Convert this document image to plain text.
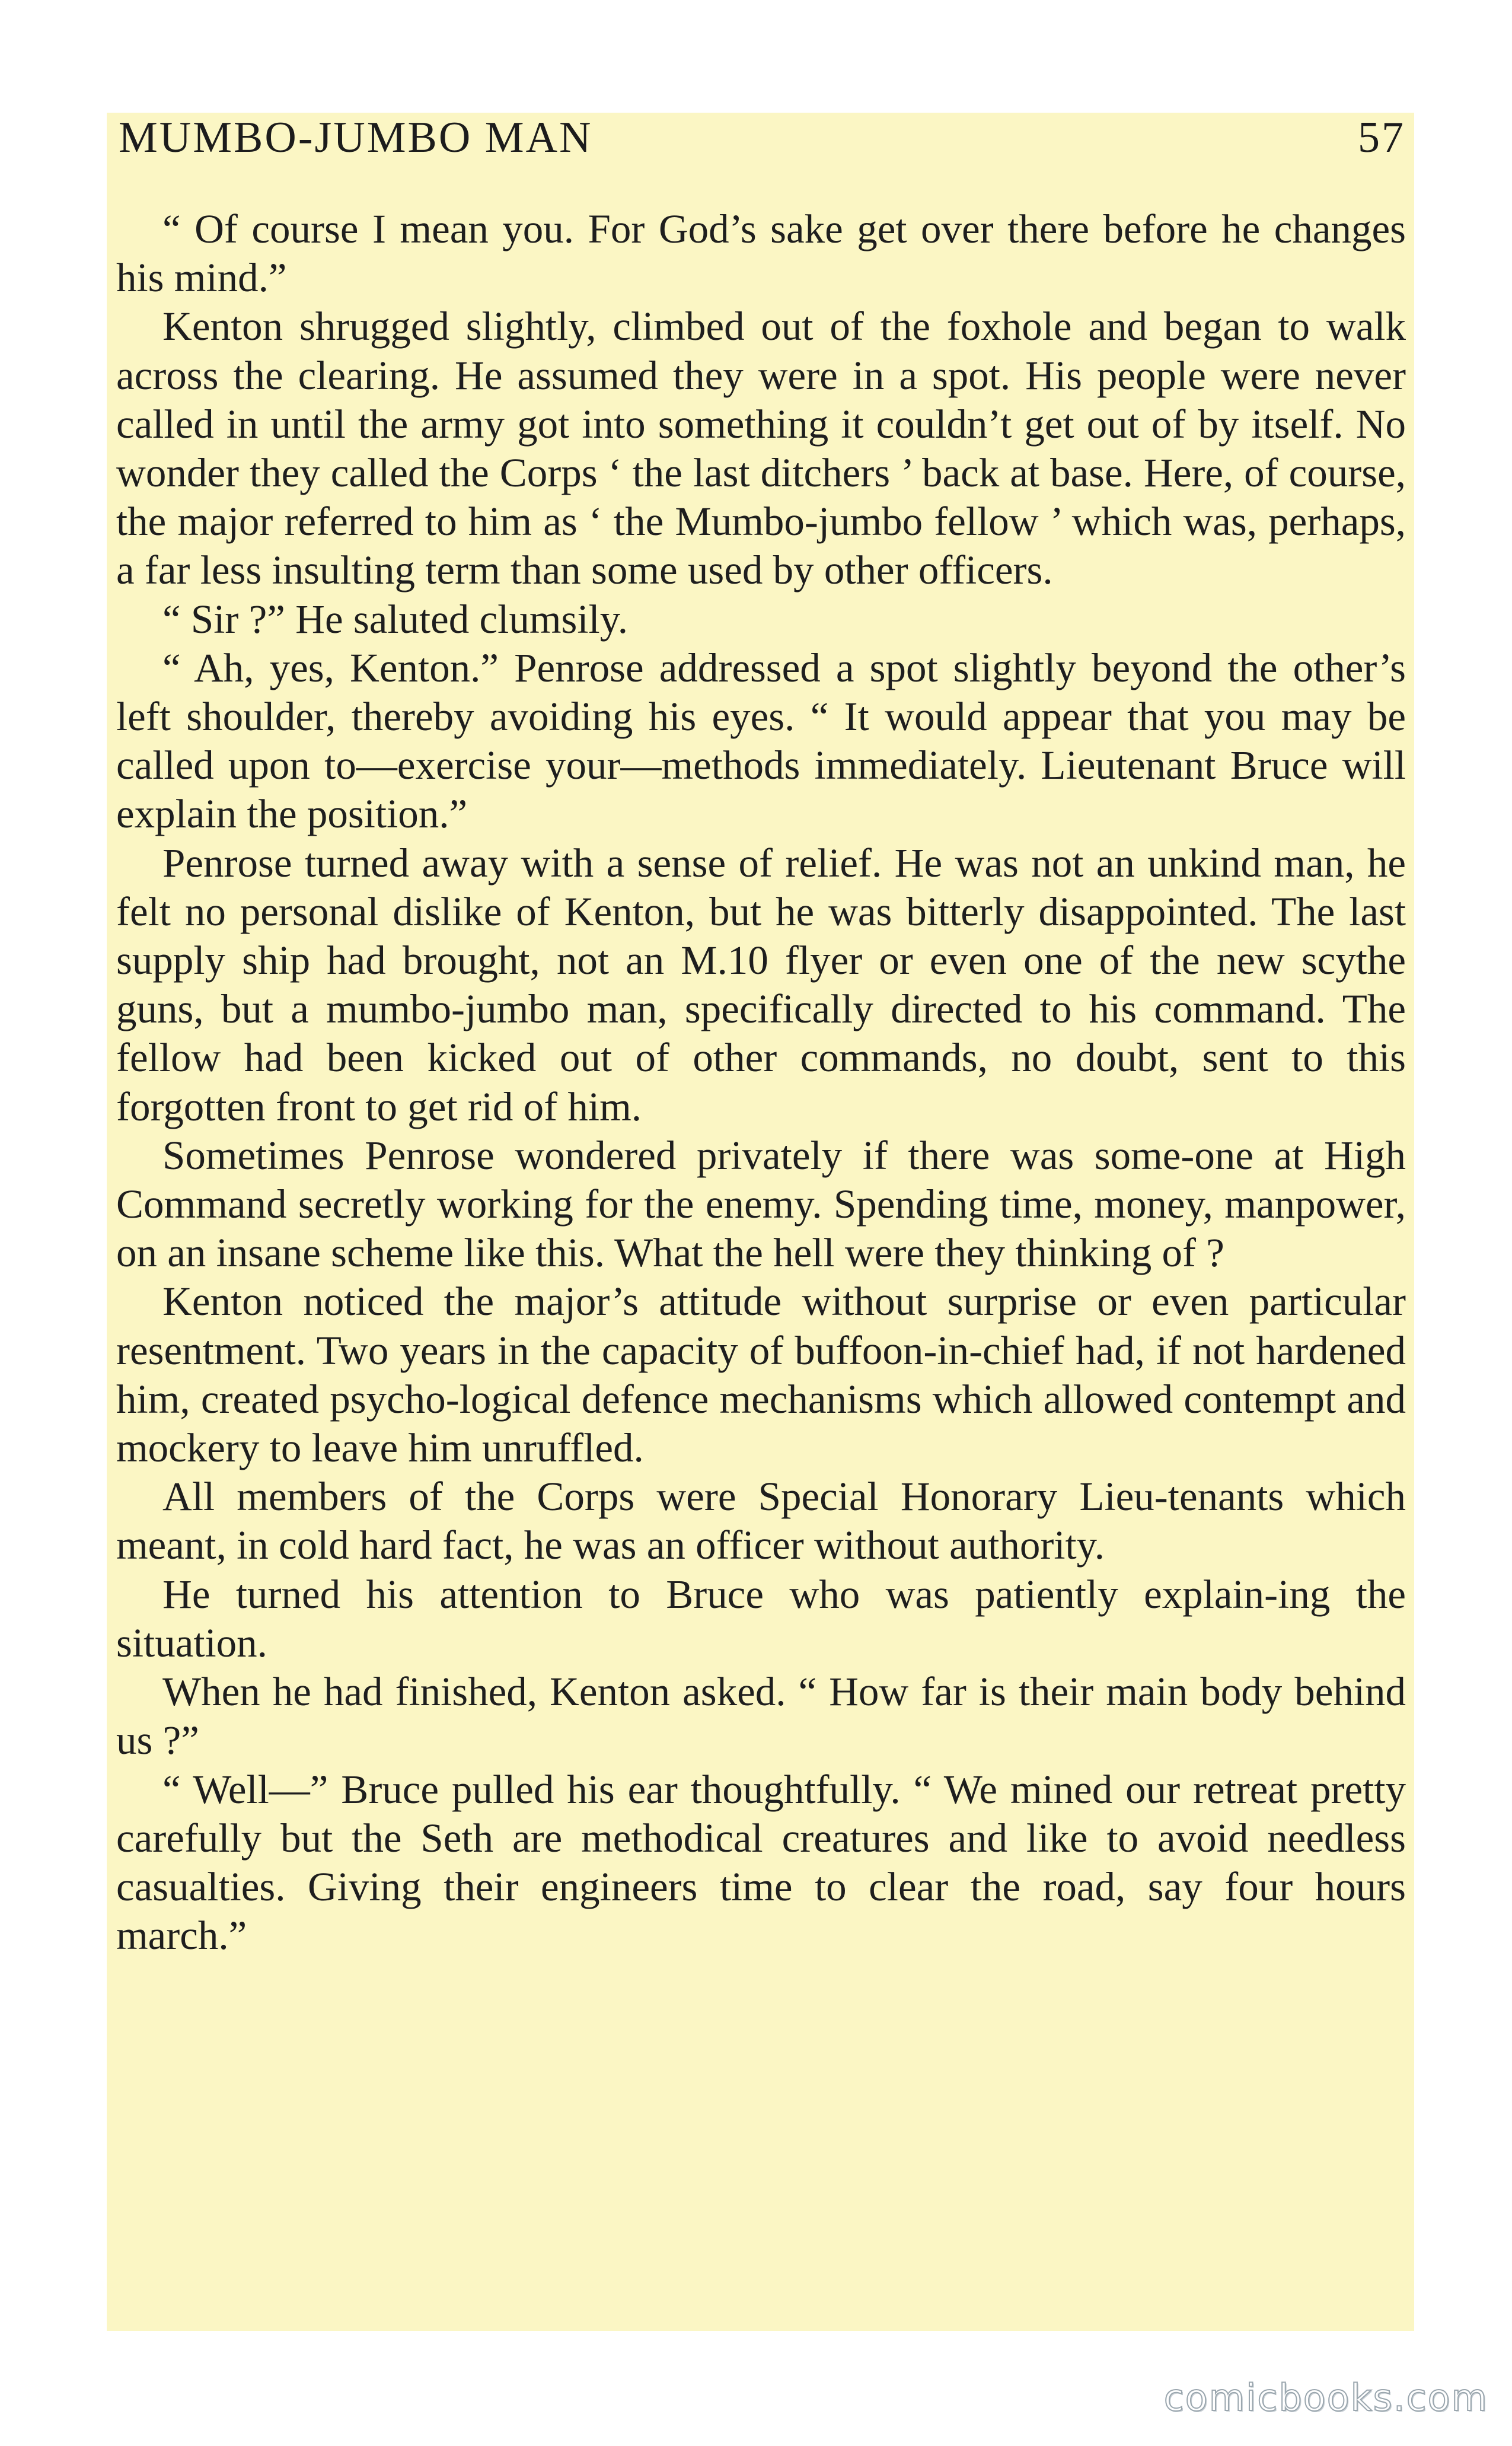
MUMBO-JUMBO MAN	57

“ Of course I mean you. For God’s sake get over there before he changes his mind.”

Kenton shrugged slightly, climbed out of the foxhole and began to walk across the clearing. He assumed they were in a spot. His people were never called in until the army got into something it couldn’t get out of by itself. No wonder they called the Corps ‘ the last ditchers ’ back at base. Here, of course, the major referred to him as ‘ the Mumbo-jumbo fellow ’ which was, perhaps, a far less insulting term than some used by other officers.

“ Sir ?” He saluted clumsily.

“ Ah, yes, Kenton.” Penrose addressed a spot slightly beyond the other’s left shoulder, thereby avoiding his eyes. “ It would appear that you may be called upon to—exercise your—methods immediately. Lieutenant Bruce will explain the position.”

Penrose turned away with a sense of relief. He was not an unkind man, he felt no personal dislike of Kenton, but he was bitterly disappointed. The last supply ship had brought, not an M.10 flyer or even one of the new scythe guns, but a mumbo-jumbo man, specifically directed to his command. The fellow had been kicked out of other commands, no doubt, sent to this forgotten front to get rid of him.

Sometimes Penrose wondered privately if there was some-one at High Command secretly working for the enemy. Spending time, money, manpower, on an insane scheme like this. What the hell were they thinking of ?

Kenton noticed the major’s attitude without surprise or even particular resentment. Two years in the capacity of buffoon-in-chief had, if not hardened him, created psycho-logical defence mechanisms which allowed contempt and mockery to leave him unruffled.

All members of the Corps were Special Honorary Lieu-tenants which meant, in cold hard fact, he was an officer without authority.

He turned his attention to Bruce who was patiently explain-ing the situation.

When he had finished, Kenton asked. “ How far is their main body behind us ?”

“ Well—” Bruce pulled his ear thoughtfully. “ We mined our retreat pretty carefully but the Seth are methodical creatures and like to avoid needless casualties. Giving their engineers time to clear the road, say four hours march.”

comicbooks.com
